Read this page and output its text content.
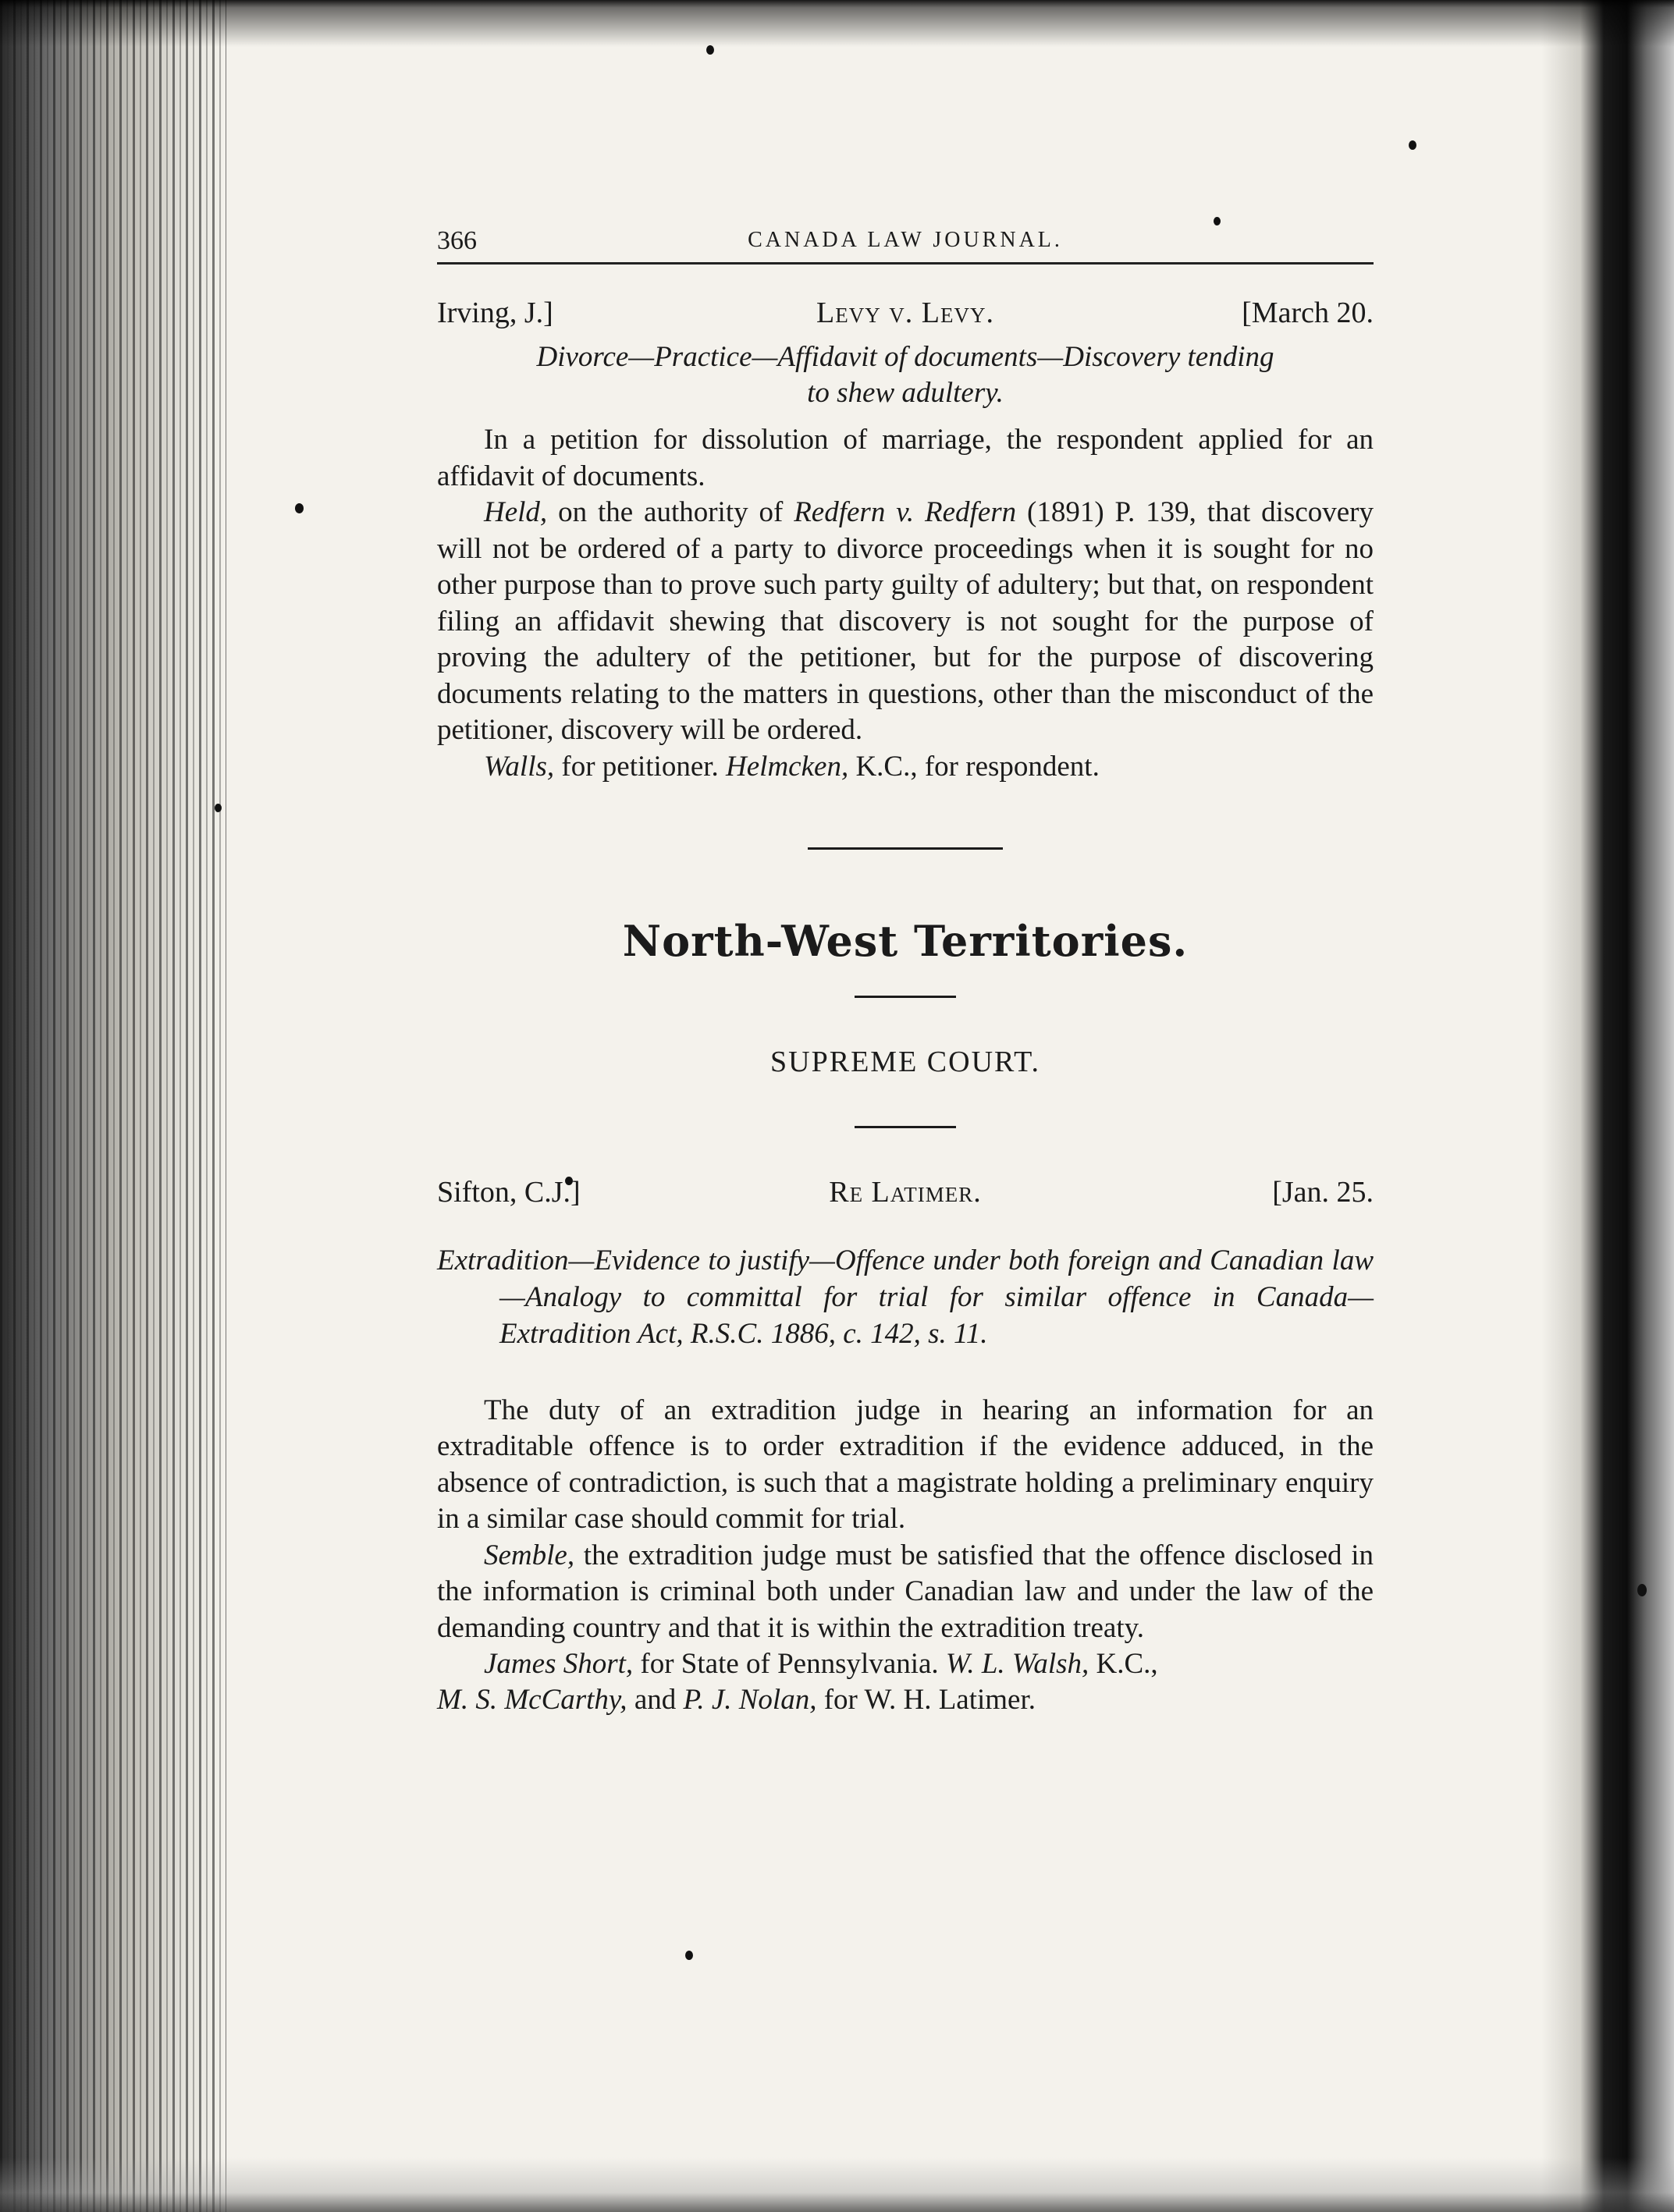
366	CANADA LAW JOURNAL.
Irving, J.]	Levy v. Levy.	[March 20.
Divorce—Practice—Affidavit of documents—Discovery tending
to shew adultery.

In a petition for dissolution of marriage, the respondent applied for an affidavit of documents.

Held, on the authority of Redfern v. Redfern (1891) P. 139, that discovery will not be ordered of a party to divorce proceedings when it is sought for no other purpose than to prove such party guilty of adultery; but that, on respondent filing an affidavit shewing that discovery is not sought for the purpose of proving the adultery of the petitioner, but for the purpose of discovering documents relating to the matters in questions, other than the misconduct of the petitioner, discovery will be ordered.

Walls, for petitioner. Helmcken, K.C., for respondent.

North-West Territories.
SUPREME COURT.
Sifton, C.J.]	Re Latimer.	[Jan. 25.
Extradition—Evidence to justify—Offence under both foreign and Canadian law—Analogy to committal for trial for similar offence in Canada—Extradition Act, R.S.C. 1886, c. 142, s. 11.

The duty of an extradition judge in hearing an information for an extraditable offence is to order extradition if the evidence adduced, in the absence of contradiction, is such that a magistrate holding a preliminary enquiry in a similar case should commit for trial.

Semble, the extradition judge must be satisfied that the offence disclosed in the information is criminal both under Canadian law and under the law of the demanding country and that it is within the extradition treaty.

James Short, for State of Pennsylvania. W. L. Walsh, K.C.,

M. S. McCarthy, and P. J. Nolan, for W. H. Latimer.
